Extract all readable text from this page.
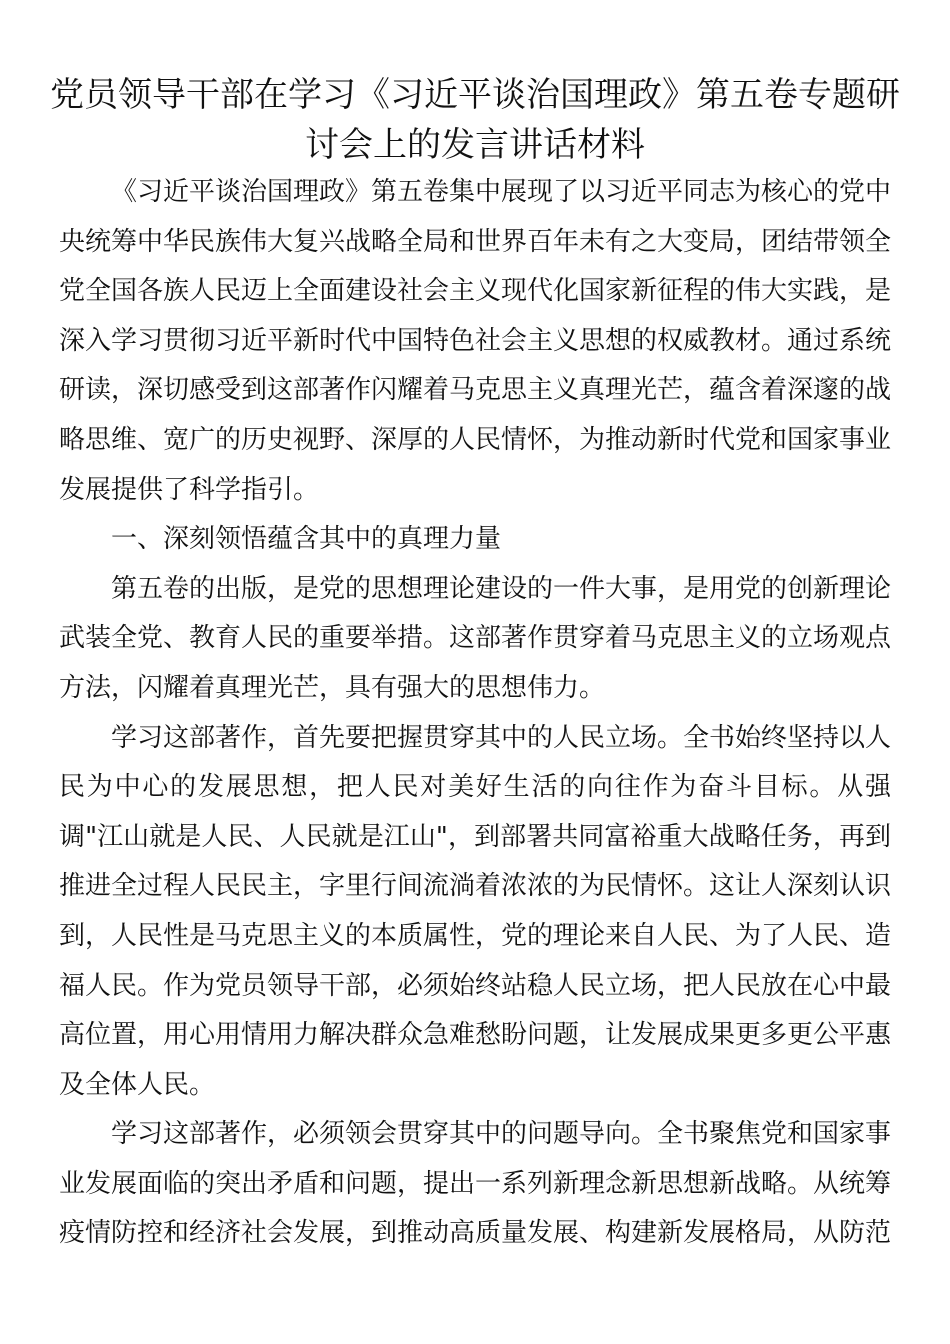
党员领导干部在学习《习近平谈治国理政》第五卷专题研讨会上的发言讲话材料

《习近平谈治国理政》第五卷集中展现了以习近平同志为核心的党中央统筹中华民族伟大复兴战略全局和世界百年未有之大变局，团结带领全党全国各族人民迈上全面建设社会主义现代化国家新征程的伟大实践，是深入学习贯彻习近平新时代中国特色社会主义思想的权威教材。通过系统研读，深切感受到这部著作闪耀着马克思主义真理光芒，蕴含着深邃的战略思维、宽广的历史视野、深厚的人民情怀，为推动新时代党和国家事业发展提供了科学指引。

一、深刻领悟蕴含其中的真理力量

第五卷的出版，是党的思想理论建设的一件大事，是用党的创新理论武装全党、教育人民的重要举措。这部著作贯穿着马克思主义的立场观点方法，闪耀着真理光芒，具有强大的思想伟力。

学习这部著作，首先要把握贯穿其中的人民立场。全书始终坚持以人民为中心的发展思想，把人民对美好生活的向往作为奋斗目标。从强调"江山就是人民、人民就是江山"，到部署共同富裕重大战略任务，再到推进全过程人民民主，字里行间流淌着浓浓的为民情怀。这让人深刻认识到，人民性是马克思主义的本质属性，党的理论来自人民、为了人民、造福人民。作为党员领导干部，必须始终站稳人民立场，把人民放在心中最高位置，用心用情用力解决群众急难愁盼问题，让发展成果更多更公平惠及全体人民。

学习这部著作，必须领会贯穿其中的问题导向。全书聚焦党和国家事业发展面临的突出矛盾和问题，提出一系列新理念新思想新战略。从统筹疫情防控和经济社会发展，到推动高质量发展、构建新发展格局，从防范
